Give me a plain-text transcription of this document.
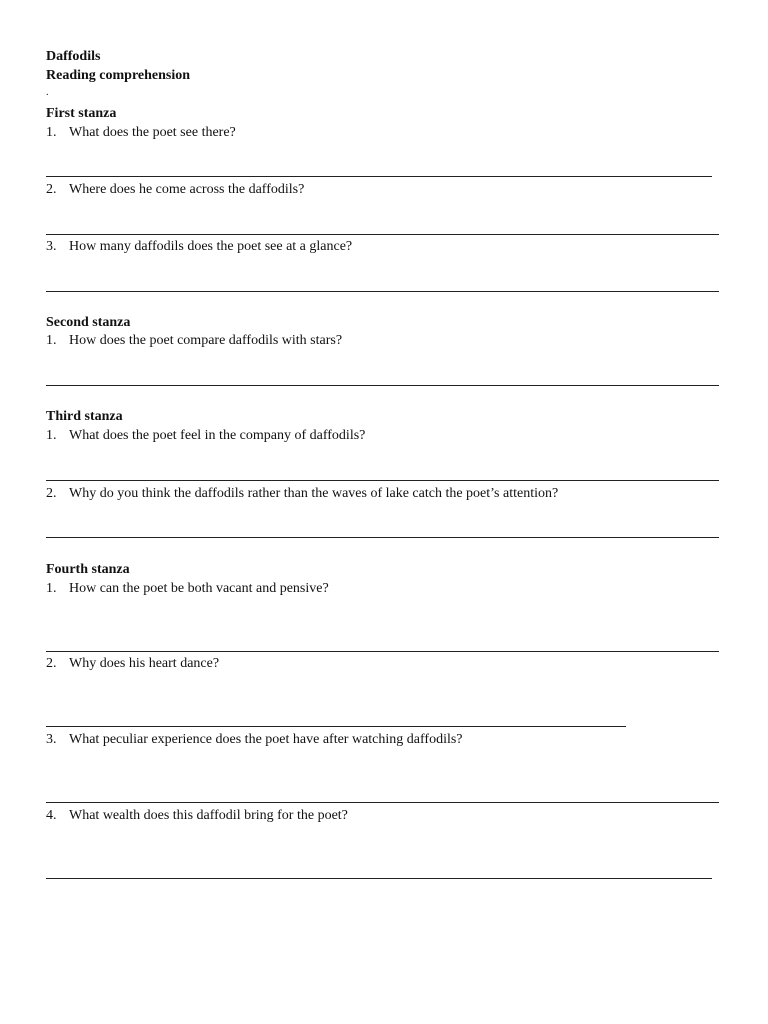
Daffodils

Reading comprehension

.

First stanza

1. What does the poet see there?

2. Where does he come across the daffodils?

3. How many daffodils does the poet see at a glance?

Second stanza

1. How does the poet compare daffodils with stars?

Third stanza

1. What does the poet feel in the company of daffodils?

2. Why do you think the daffodils rather than the waves of lake catch the poet’s attention?

Fourth stanza

1. How can the poet be both vacant and pensive?

2. Why does his heart dance?

3. What peculiar experience does the poet have after watching daffodils?

4. What wealth does this daffodil bring for the poet?
